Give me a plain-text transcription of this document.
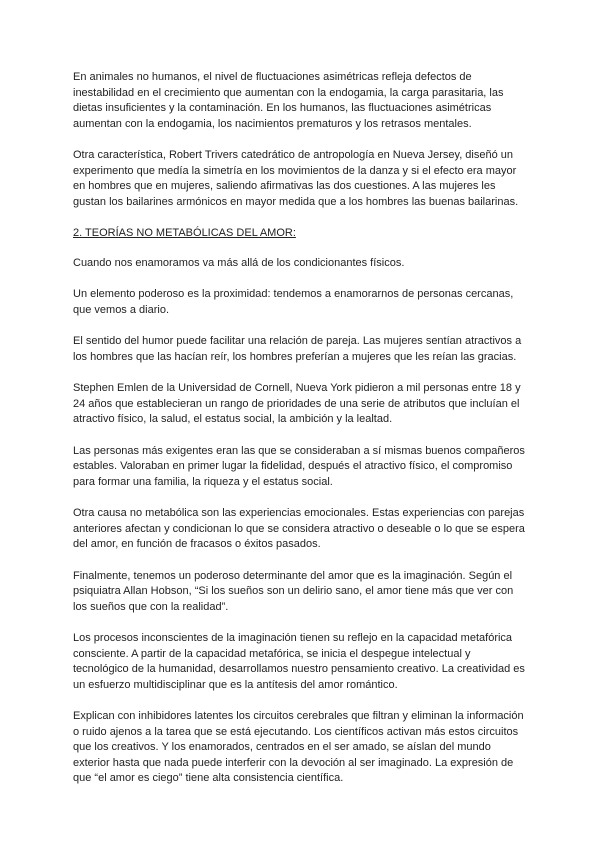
En animales no humanos, el nivel de fluctuaciones asimétricas refleja defectos de inestabilidad en el crecimiento que aumentan con la endogamia, la carga parasitaria, las dietas insuficientes y la contaminación. En los humanos, las fluctuaciones asimétricas aumentan con la endogamia, los nacimientos prematuros y los retrasos mentales.

Otra característica, Robert Trivers catedrático de antropología en Nueva Jersey, diseñó un experimento que medía la simetría en los movimientos de la danza y si el efecto era mayor en hombres que en mujeres, saliendo afirmativas las dos cuestiones. A las mujeres les gustan los bailarines armónicos en mayor medida que a los hombres las buenas bailarinas.

2. TEORÍAS NO METABÓLICAS DEL AMOR:

Cuando nos enamoramos va más allá de los condicionantes físicos.

Un elemento poderoso es la proximidad: tendemos a enamorarnos de personas cercanas, que vemos a diario.

El sentido del humor puede facilitar una relación de pareja. Las mujeres sentían atractivos a los hombres que las hacían reír, los hombres preferían a mujeres que les reían las gracias.

Stephen Emlen de la Universidad de Cornell, Nueva York pidieron a mil personas entre 18 y 24 años que establecieran un rango de prioridades de una serie de atributos que incluían el atractivo físico, la salud, el estatus social, la ambición y la lealtad.

Las personas más exigentes eran las que se consideraban a sí mismas buenos compañeros estables. Valoraban en primer lugar la fidelidad, después el atractivo físico, el compromiso para formar una familia, la riqueza y el estatus social.

Otra causa no metabólica son las experiencias emocionales. Estas experiencias con parejas anteriores afectan y condicionan lo que se considera atractivo o deseable o lo que se espera del amor, en función de fracasos o éxitos pasados.

Finalmente, tenemos un poderoso determinante del amor que es la imaginación. Según el psiquiatra Allan Hobson, “Si los sueños son un delirio sano, el amor tiene más que ver con los sueños que con la realidad”.

Los procesos inconscientes de la imaginación tienen su reflejo en la capacidad metafórica consciente. A partir de la capacidad metafórica, se inicia el despegue intelectual y tecnológico de la humanidad, desarrollamos nuestro pensamiento creativo. La creatividad es un esfuerzo multidisciplinar que es la antítesis del amor romántico.

Explican con inhibidores latentes los circuitos cerebrales que filtran y eliminan la información o ruido ajenos a la tarea que se está ejecutando. Los científicos activan más estos circuitos que los creativos. Y los enamorados, centrados en el ser amado, se aíslan del mundo exterior hasta que nada puede interferir con la devoción al ser imaginado. La expresión de que “el amor es ciego” tiene alta consistencia científica.
